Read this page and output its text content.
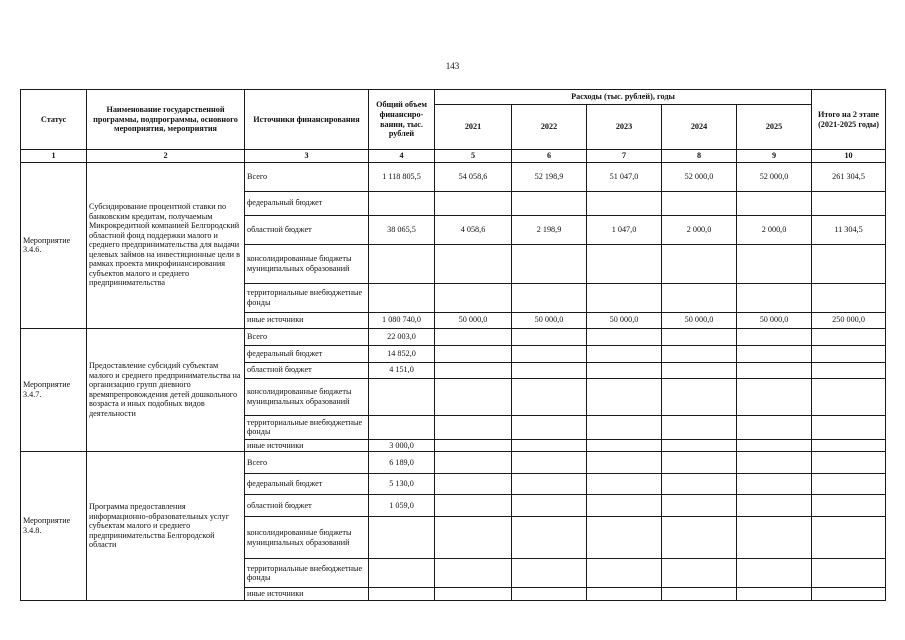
143
Статус	Наименование государственной программы, подпрограммы, основного мероприятия, мероприятия	Источники финансирования	Общий объем финансиро-вании, тыс. рублей	Расходы (тыс. рублей), годы					Итого на 2 этапе (2021-2025 годы)
				2021	2022	2023	2024	2025	
1	2	3	4	5	6	7	8	9	10
Мероприятие 3.4.6.	Субсидирование процентной ставки по банковским кредитам, получаемым Микрокредитной компанией Белгородский областной фонд поддержки малого и среднего предпринимательства для выдачи целевых займов на инвестиционные цели в рамках проекта микрофинансирования субъектов малого и среднего предпринимательства	Всего	1 118 805,5	54 058,6	52 198,9	51 047,0	52 000,0	52 000,0	261 304,5
		федеральный бюджет							
		областной бюджет	38 065,5	4 058,6	2 198,9	1 047,0	2 000,0	2 000,0	11 304,5
		консолидированные бюджеты муниципальных образований							
		территориальные внебюджетные фонды							
		иные источники	1 080 740,0	50 000,0	50 000,0	50 000,0	50 000,0	50 000,0	250 000,0
Мероприятие 3.4.7.	Предоставление субсидий субъектам малого и среднего предпринимательства на организацию групп дневного времяпрепровождения детей дошкольного возраста и иных подобных видов деятельности	Всего	22 003,0						
		федеральный бюджет	14 852,0						
		областной бюджет	4 151,0						
		консолидированные бюджеты муниципальных образований							
		территориальные внебюджетные фонды							
		иные источники	3 000,0						
Мероприятие 3.4.8.	Программа предоставления информационно-образовательных услуг субъектам малого и среднего предпринимательства Белгородской области	Всего	6 189,0						
		федеральный бюджет	5 130,0						
		областной бюджет	1 059,0						
		консолидированные бюджеты муниципальных образований							
		территориальные внебюджетные фонды							
		иные источники							
